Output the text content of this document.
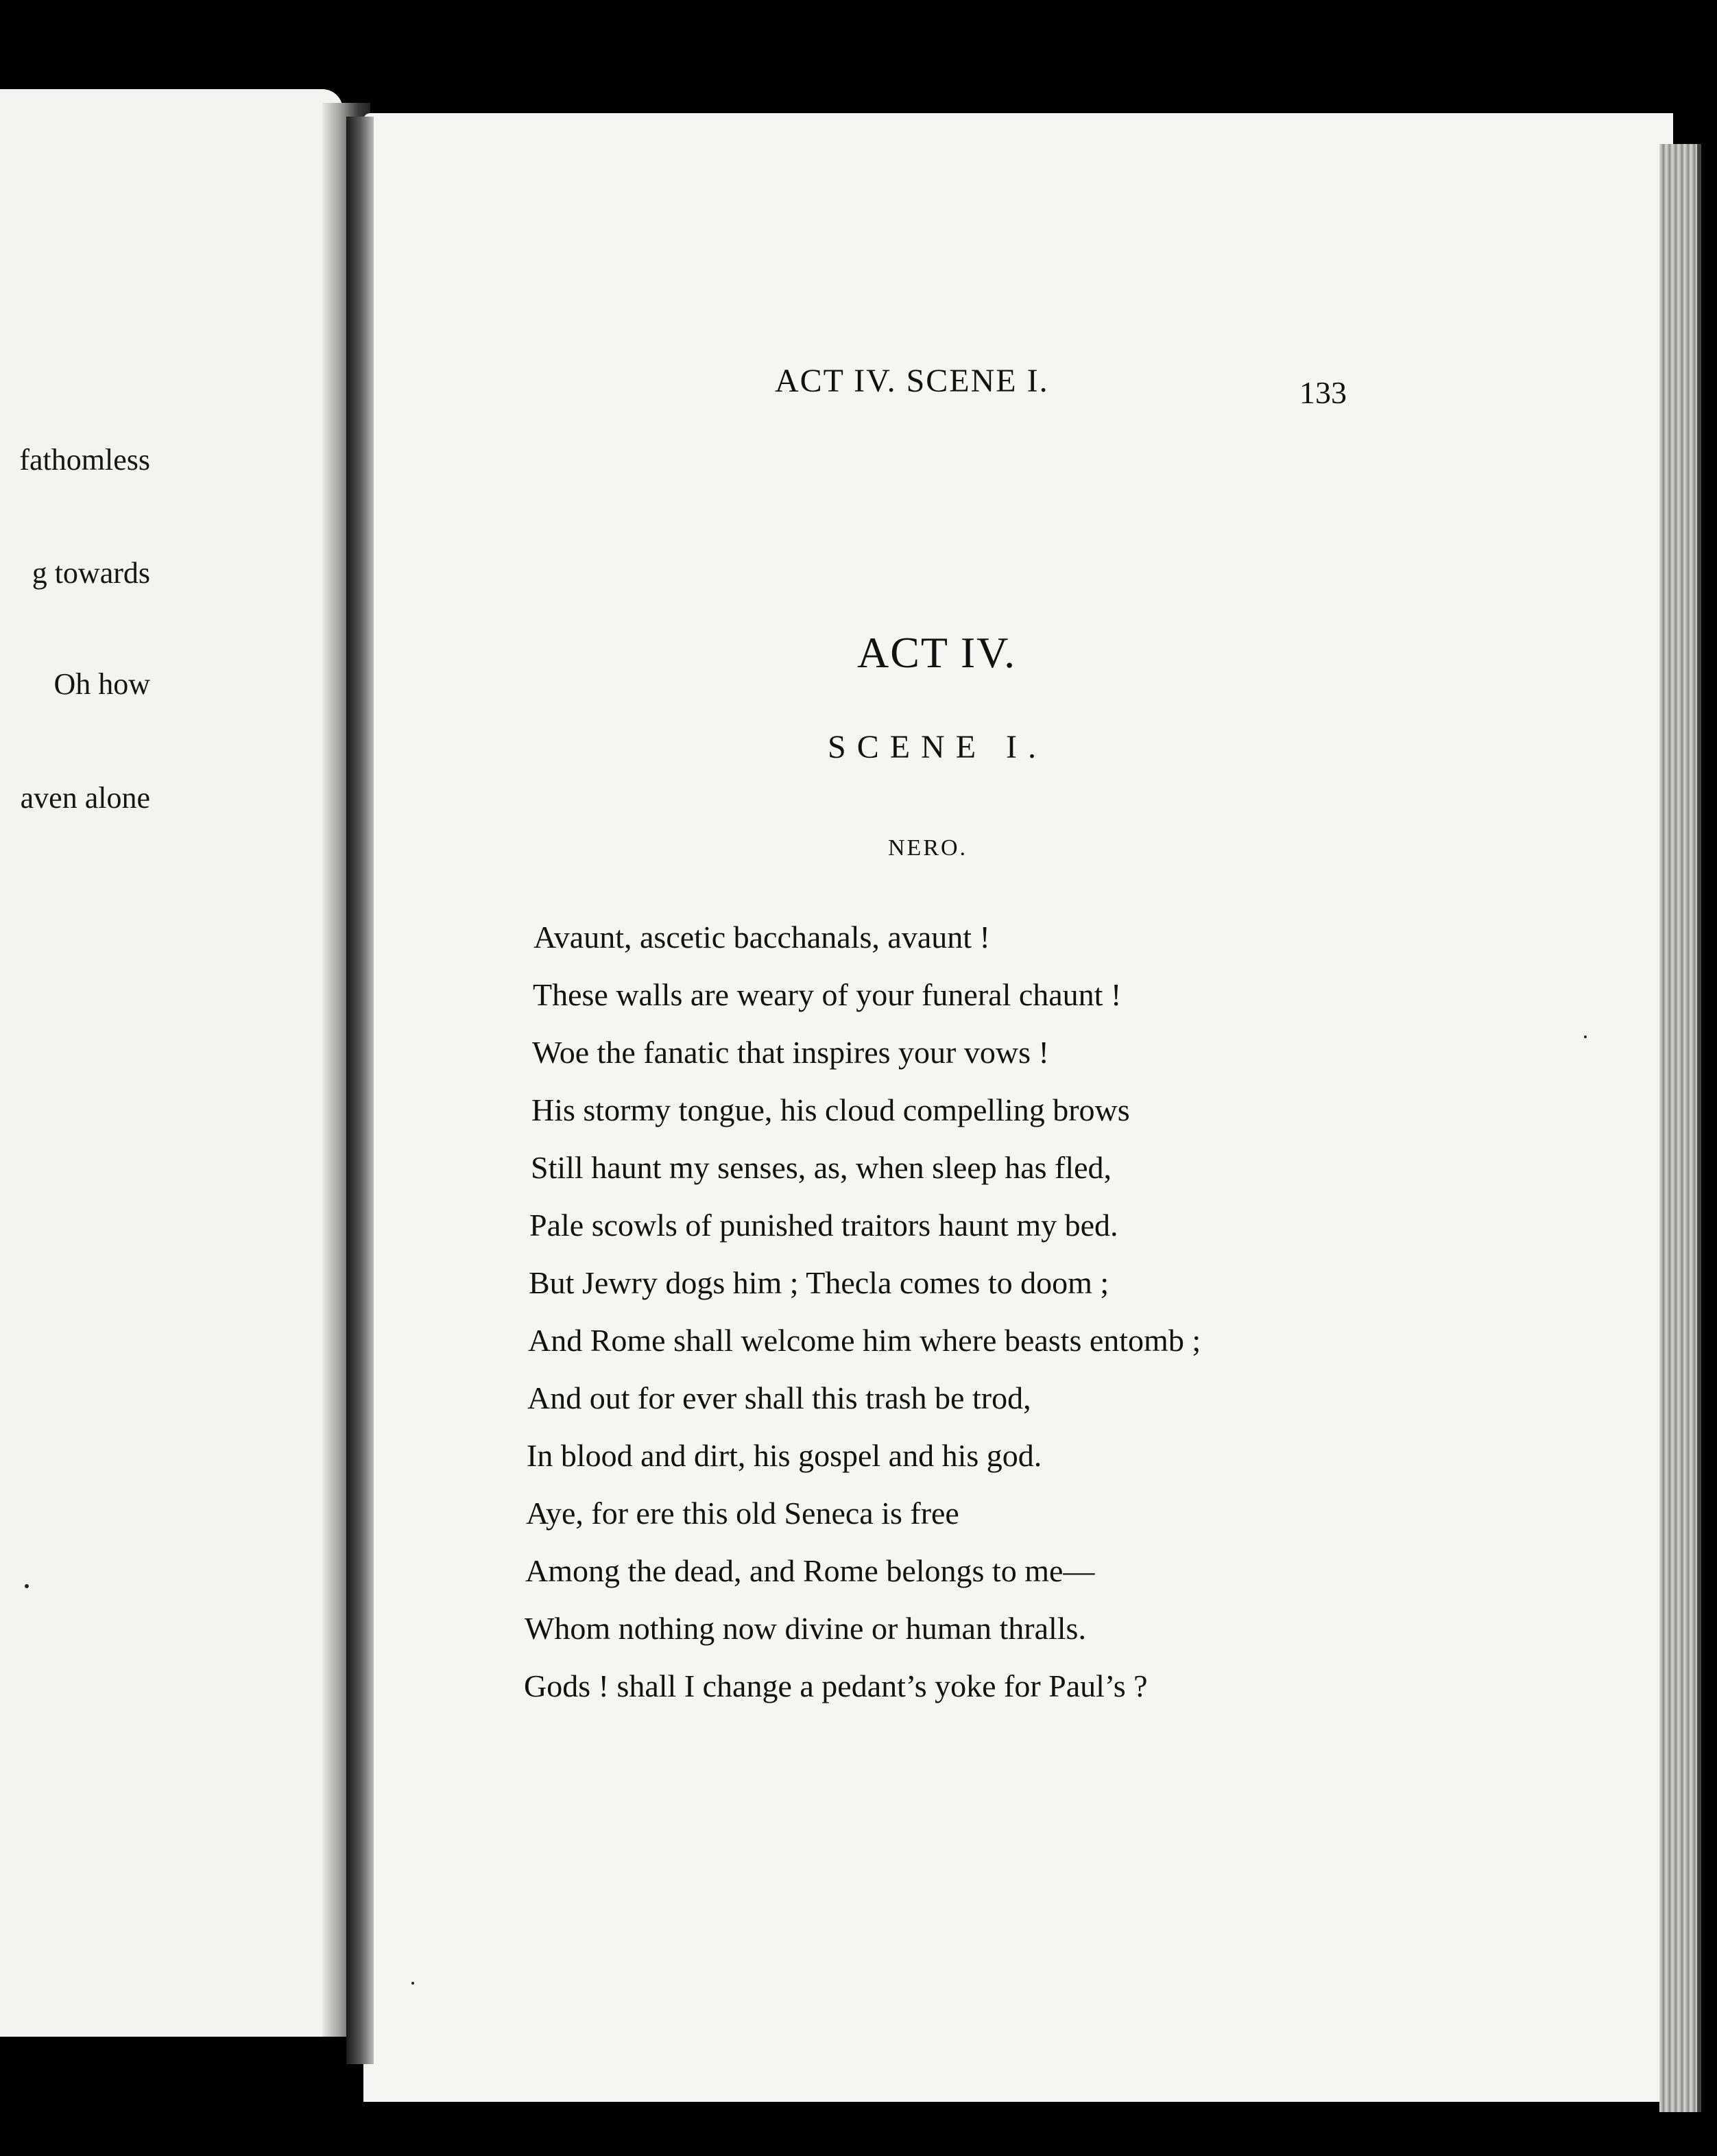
fathomless
g towards
Oh how
aven alone
ACT IV. SCENE I.	133
ACT IV.
SCENE I.
NERO.
Avaunt, ascetic bacchanals, avaunt !
These walls are weary of your funeral chaunt !
Woe the fanatic that inspires your vows !
His stormy tongue, his cloud compelling brows
Still haunt my senses, as, when sleep has fled,
Pale scowls of punished traitors haunt my bed.
But Jewry dogs him ; Thecla comes to doom ;
And Rome shall welcome him where beasts entomb ;
And out for ever shall this trash be trod,
In blood and dirt, his gospel and his god.
Aye, for ere this old Seneca is free
Among the dead, and Rome belongs to me—
Whom nothing now divine or human thralls.
Gods ! shall I change a pedant’s yoke for Paul’s ?
